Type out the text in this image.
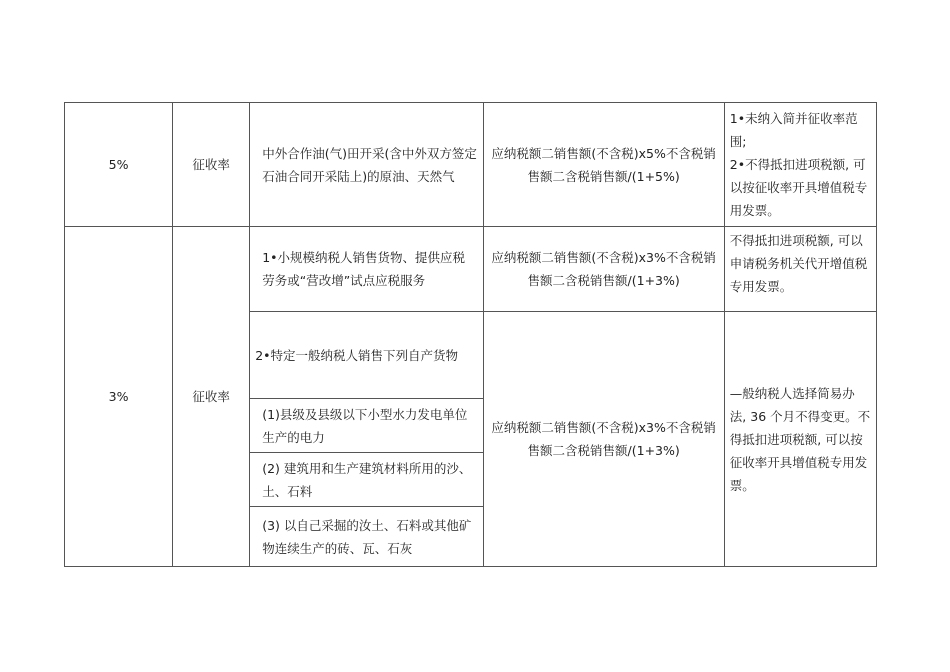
5%	征收率	中外合作油(气)田开采(含中外双方签定石油合同开采陆上)的原油、天然气	应纳税额二销售额(不含税)x5%不含税销售额二含税销售额/(1+5%)	1•未纳入简并征收率范围;
2•不得抵扣进项税额, 可以按征收率开具增值税专用发票。

3%	征收率	1•小规模纳税人销售货物、提供应税劳务或“营改增”试点应税服务	应纳税额二销售额(不含税)x3%不含税销售额二含税销售额/(1+3%)	不得抵扣进项税额, 可以申请税务机关代开增值税专用发票。
		2•特定一般纳税人销售下列自产货物	应纳税额二销售额(不含税)x3%不含税销售额二含税销售额/(1+3%)	—般纳税人选择简易办法, 36 个月不得变更。不得抵扣进项税额, 可以按征收率开具增值税专用发票。
		(1)县级及县级以下小型水力发电单位生产的电力		
		(2) 建筑用和生产建筑材料所用的沙、土、石料		
		(3) 以自己采掘的汝土、石料或其他矿物连续生产的砖、瓦、石灰		
